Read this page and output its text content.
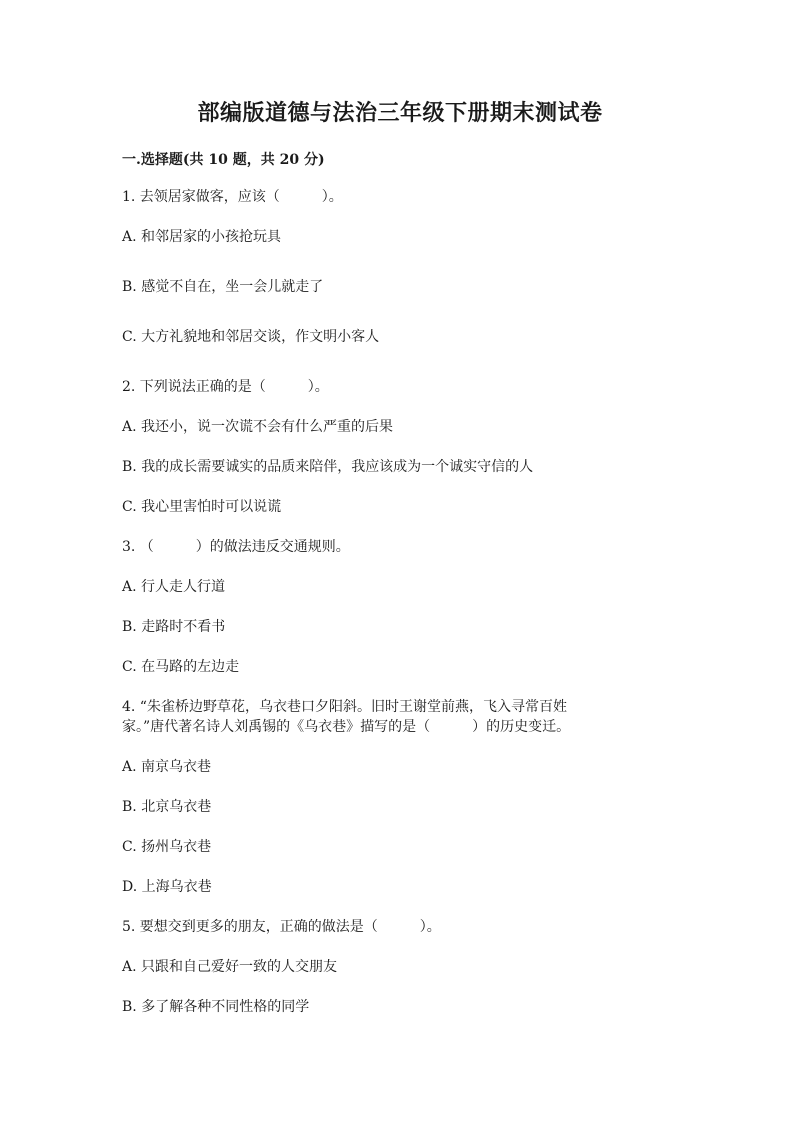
部编版道德与法治三年级下册期末测试卷
一.选择题(共 10 题，共 20 分)
1. 去领居家做客，应该（　　　）。
A. 和邻居家的小孩抢玩具
B. 感觉不自在，坐一会儿就走了
C. 大方礼貌地和邻居交谈，作文明小客人
2. 下列说法正确的是（　　　）。
A. 我还小，说一次谎不会有什么严重的后果
B. 我的成长需要诚实的品质来陪伴，我应该成为一个诚实守信的人
C. 我心里害怕时可以说谎
3. （　　　）的做法违反交通规则。
A. 行人走人行道
B. 走路时不看书
C. 在马路的左边走
4. “朱雀桥边野草花，乌衣巷口夕阳斜。旧时王谢堂前燕，飞入寻常百姓
家。”唐代著名诗人刘禹锡的《乌衣巷》描写的是（　　　）的历史变迁。
A. 南京乌衣巷
B. 北京乌衣巷
C. 扬州乌衣巷
D. 上海乌衣巷
5. 要想交到更多的朋友，正确的做法是（　　　）。
A. 只跟和自己爱好一致的人交朋友
B. 多了解各种不同性格的同学
